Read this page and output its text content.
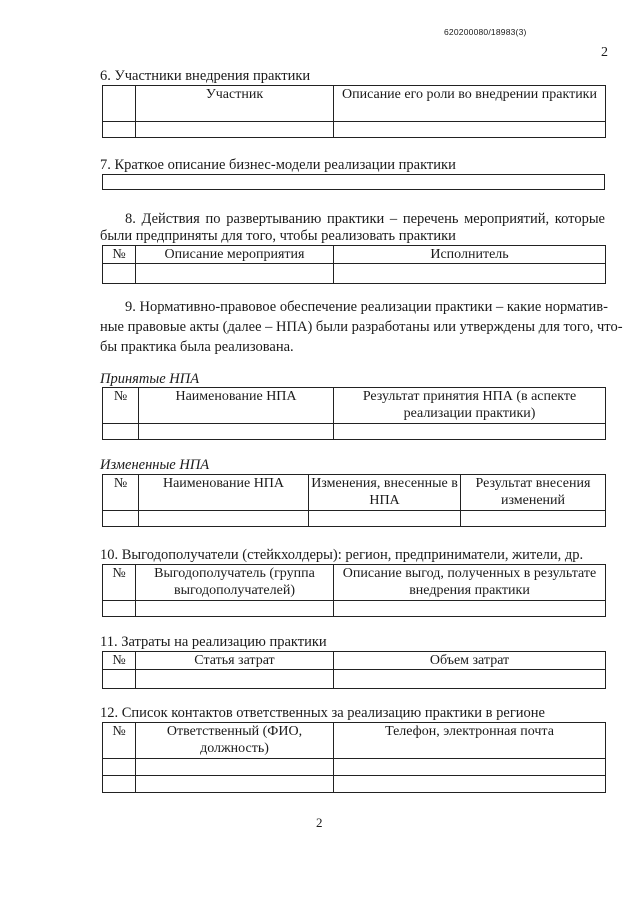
620200080/18983(3)
2
6. Участники внедрения практики
	Участник	Описание его роли во внедрении практики

7. Краткое описание бизнес-модели реализации практики
8. Действия по развертыванию практики – перечень мероприятий, которые
были предприняты для того, чтобы реализовать практики
№	Описание мероприятия	Исполнитель

9. Нормативно-правовое обеспечение реализации практики – какие норматив-
ные правовые акты (далее – НПА) были разработаны или утверждены для того, что-
бы практика была реализована.
Принятые НПА
№	Наименование НПА	Результат принятия НПА (в аспекте реализации практики)

Измененные НПА
№	Наименование НПА	Изменения, внесенные в НПА	Результат внесения изменений

10. Выгодополучатели (стейкхолдеры): регион, предприниматели, жители, др.
№	Выгодополучатель (группа выгодополучателей)	Описание выгод, полученных в результате внедрения практики

11. Затраты на реализацию практики
№	Статья затрат	Объем затрат

12. Список контактов ответственных за реализацию практики в регионе
№	Ответственный (ФИО, должность)	Телефон, электронная почта

2
